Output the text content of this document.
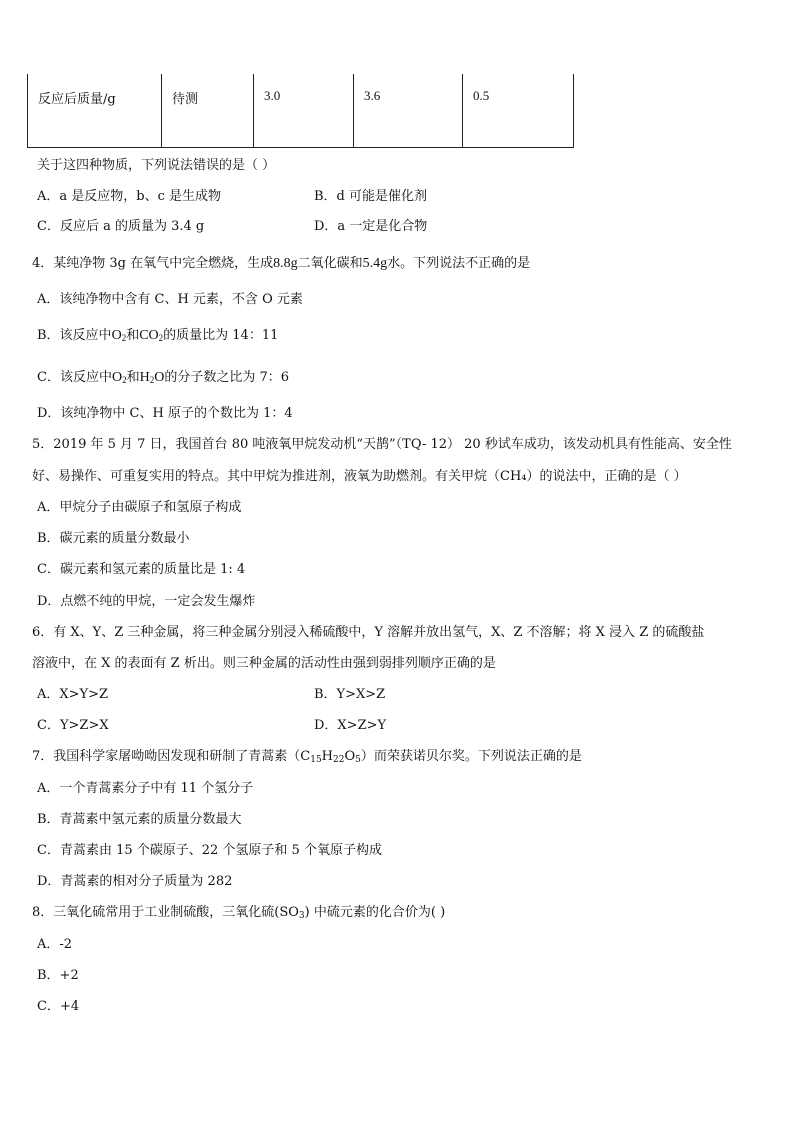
反应后质量/g	待测	3.0	3.6	0.5
关于这四种物质，下列说法错误的是（ ）
A．a 是反应物，b、c 是生成物	B．d 可能是催化剂
C．反应后 a 的质量为 3.4 g	D．a 一定是化合物
4．某纯净物 3g 在氧气中完全燃烧，生成8.8g二氧化碳和5.4g水。下列说法不正确的是
A．该纯净物中含有 C、H 元素，不含 O 元素
B．该反应中$O_2$和$CO_2$的质量比为 14：11
C．该反应中$O_2$和$H_2O$的分子数之比为 7：6
D．该纯净物中 C、H 原子的个数比为 1：4
5．2019 年 5 月 7 日，我国首台 80 吨液氧甲烷发动机“天鹊”（TQ- 12） 20 秒试车成功，该发动机具有性能高、安全性
好、易操作、可重复实用的特点。其中甲烷为推进剂，液氧为助燃剂。有关甲烷（CH₄）的说法中，正确的是（ ）
A．甲烷分子由碳原子和氢原子构成
B．碳元素的质量分数最小
C．碳元素和氢元素的质量比是 1: 4
D．点燃不纯的甲烷，一定会发生爆炸
6．有 X、Y、Z 三种金属，将三种金属分别浸入稀硫酸中，Y 溶解并放出氢气，X、Z 不溶解；将 X 浸入 Z 的硫酸盐
溶液中，在 X 的表面有 Z 析出。则三种金属的活动性由强到弱排列顺序正确的是
A．X>Y>Z	B．Y>X>Z
C．Y>Z>X	D．X>Z>Y
7．我国科学家屠呦呦因发现和研制了青蒿素$(C_{15}H_{22}O_5)$而荣获诺贝尔奖。下列说法正确的是
A．一个青蒿素分子中有 11 个氢分子
B．青蒿素中氢元素的质量分数最大
C．青蒿素由 15 个碳原子、22 个氢原子和 5 个氧原子构成
D．青蒿素的相对分子质量为 282
8．三氧化硫常用于工业制硫酸，三氧化硫$(SO_3)$ 中硫元素的化合价为( )
A．-2
B．+2
C．+4
